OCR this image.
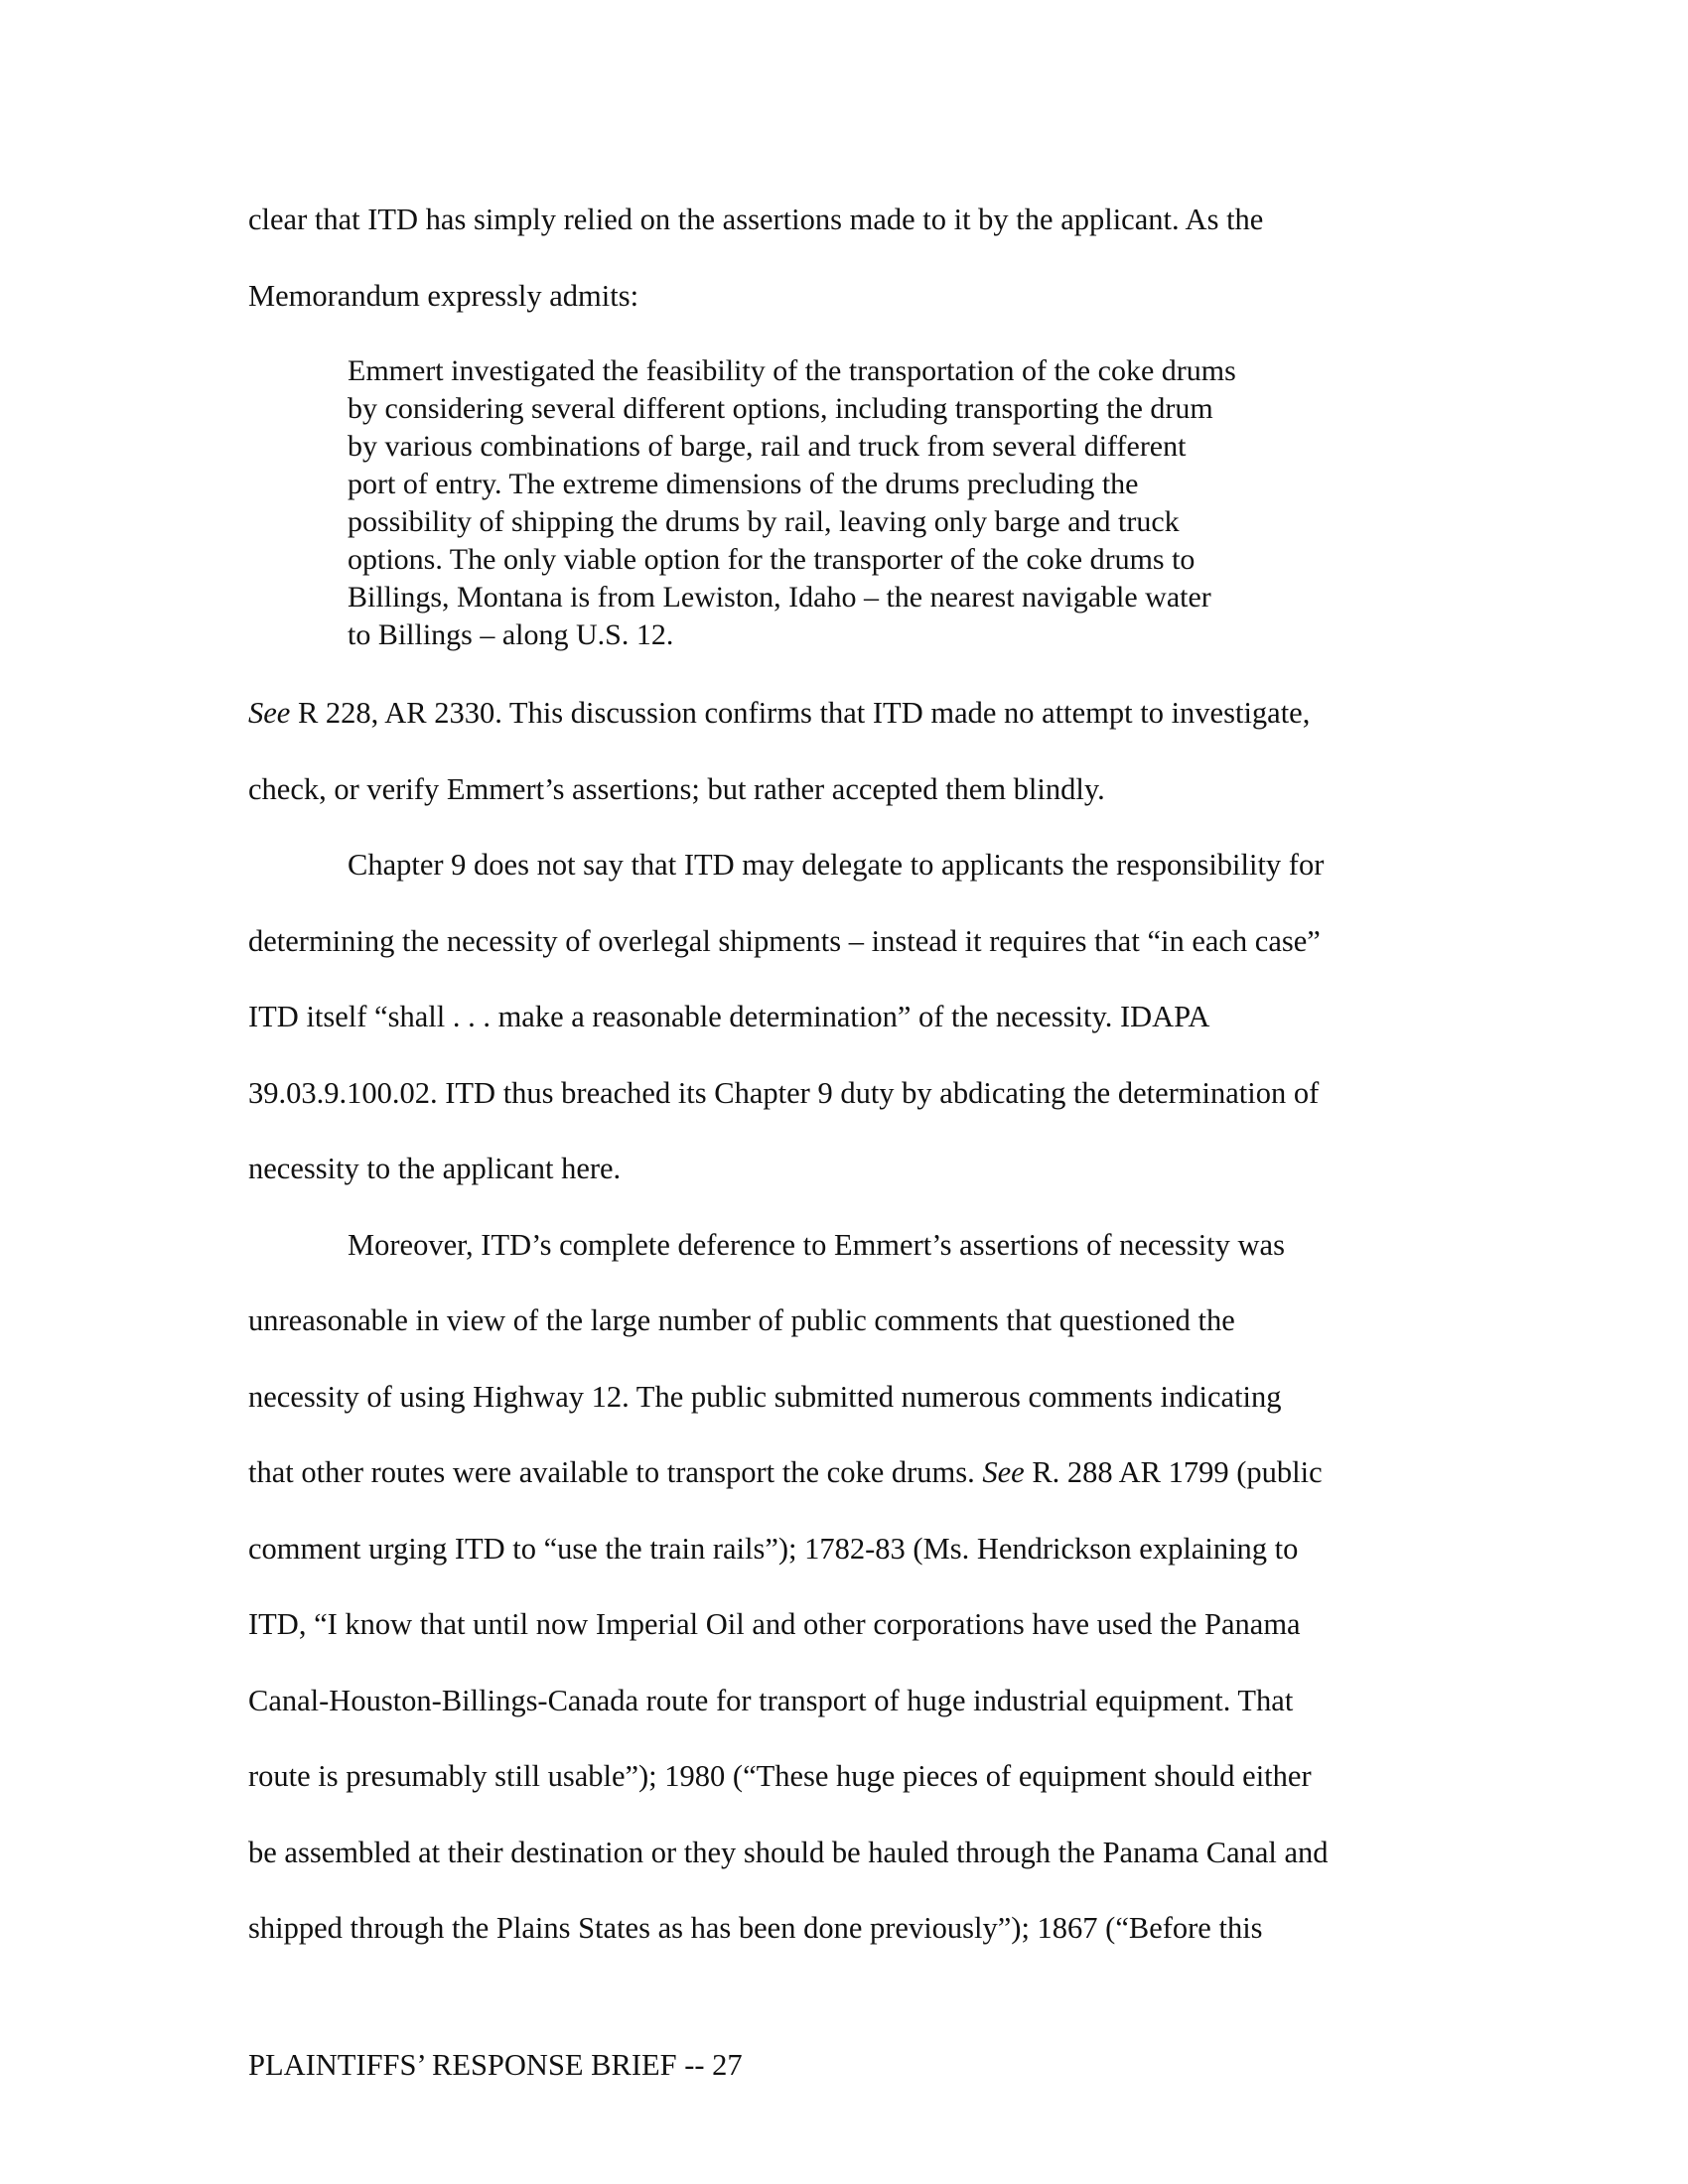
clear that ITD has simply relied on the assertions made to it by the applicant. As the
Memorandum expressly admits:
Emmert investigated the feasibility of the transportation of the coke drums
by considering several different options, including transporting the drum
by various combinations of barge, rail and truck from several different
port of entry. The extreme dimensions of the drums precluding the
possibility of shipping the drums by rail, leaving only barge and truck
options. The only viable option for the transporter of the coke drums to
Billings, Montana is from Lewiston, Idaho – the nearest navigable water
to Billings – along U.S. 12.
See R 228, AR 2330. This discussion confirms that ITD made no attempt to investigate,
check, or verify Emmert’s assertions; but rather accepted them blindly.
Chapter 9 does not say that ITD may delegate to applicants the responsibility for
determining the necessity of overlegal shipments – instead it requires that “in each case”
ITD itself “shall . . . make a reasonable determination” of the necessity. IDAPA
39.03.9.100.02. ITD thus breached its Chapter 9 duty by abdicating the determination of
necessity to the applicant here.
Moreover, ITD’s complete deference to Emmert’s assertions of necessity was
unreasonable in view of the large number of public comments that questioned the
necessity of using Highway 12. The public submitted numerous comments indicating
that other routes were available to transport the coke drums. See R. 288 AR 1799 (public
comment urging ITD to “use the train rails”); 1782-83 (Ms. Hendrickson explaining to
ITD, “I know that until now Imperial Oil and other corporations have used the Panama
Canal-Houston-Billings-Canada route for transport of huge industrial equipment. That
route is presumably still usable”); 1980 (“These huge pieces of equipment should either
be assembled at their destination or they should be hauled through the Panama Canal and
shipped through the Plains States as has been done previously”); 1867 (“Before this
PLAINTIFFS’ RESPONSE BRIEF -- 27
